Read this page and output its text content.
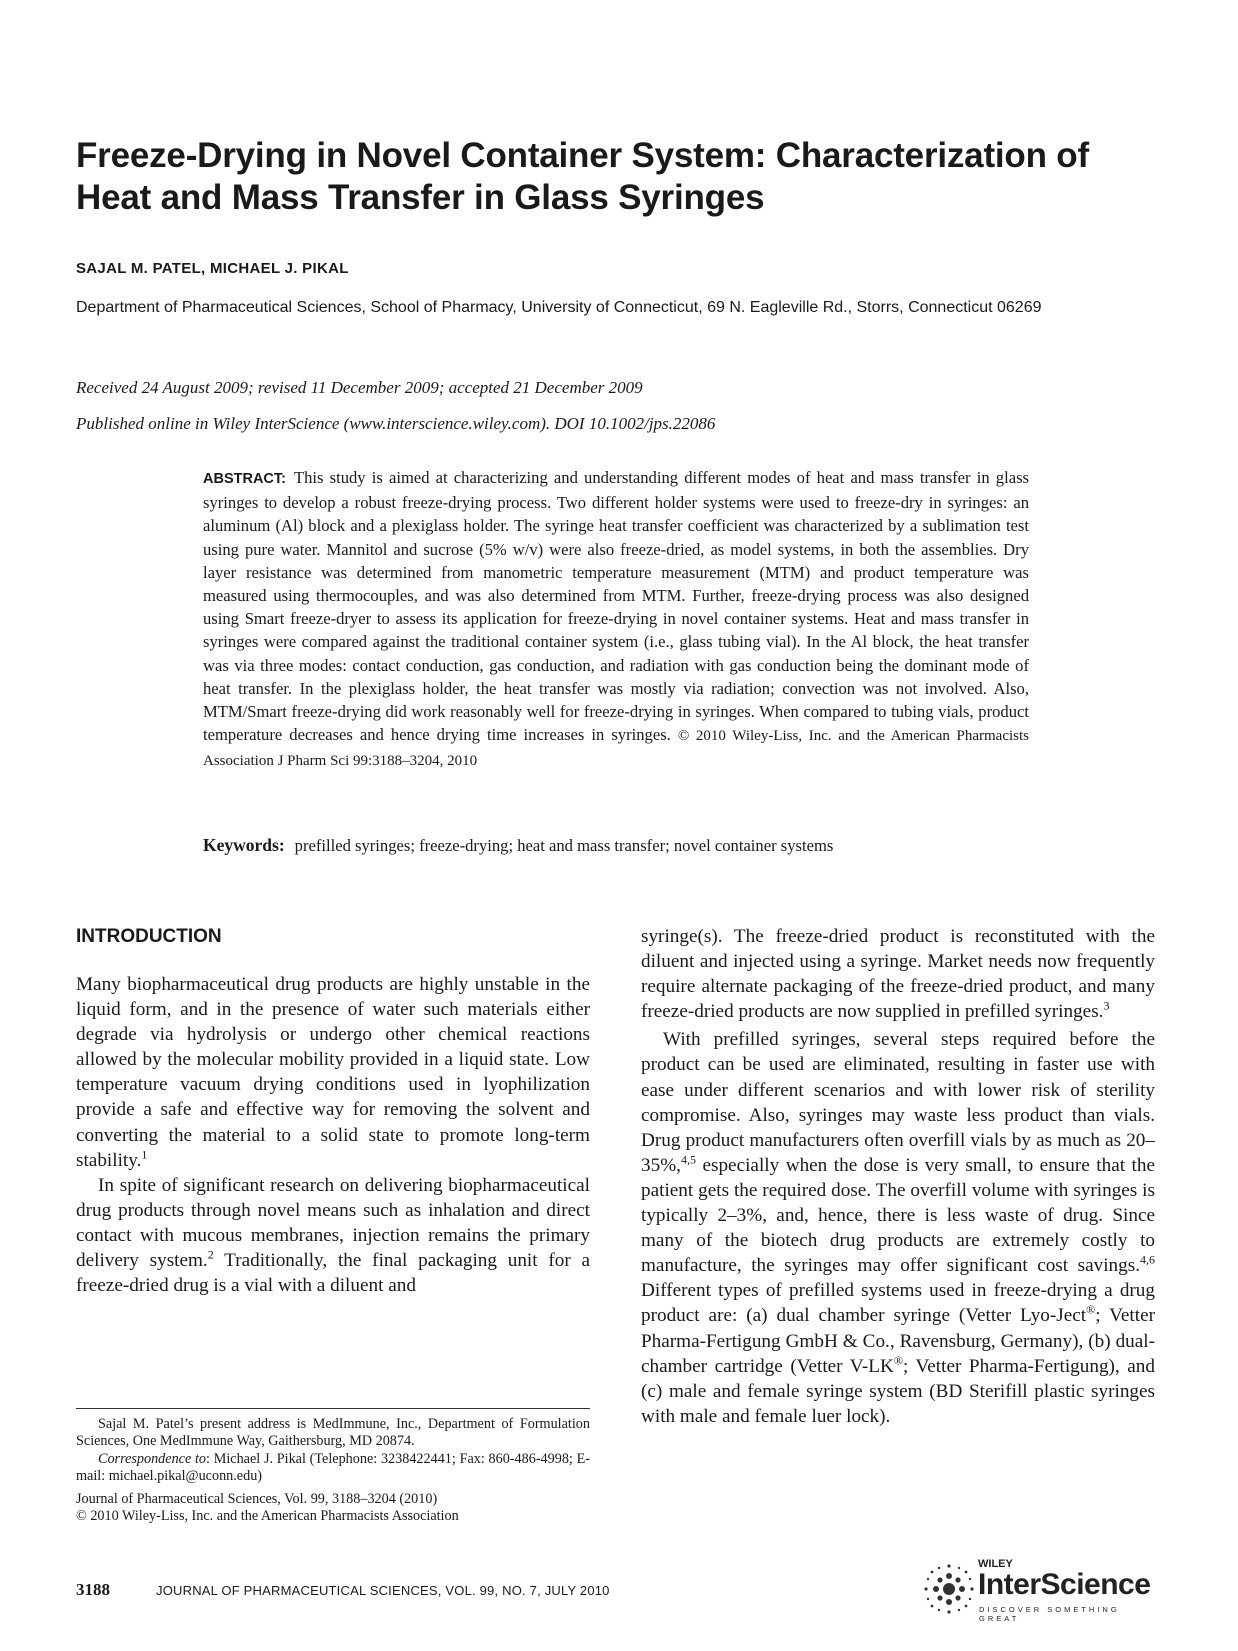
Freeze-Drying in Novel Container System: Characterization of Heat and Mass Transfer in Glass Syringes
SAJAL M. PATEL, MICHAEL J. PIKAL
Department of Pharmaceutical Sciences, School of Pharmacy, University of Connecticut, 69 N. Eagleville Rd., Storrs, Connecticut 06269
Received 24 August 2009; revised 11 December 2009; accepted 21 December 2009
Published online in Wiley InterScience (www.interscience.wiley.com). DOI 10.1002/jps.22086

ABSTRACT: This study is aimed at characterizing and understanding different modes of heat and mass transfer in glass syringes to develop a robust freeze-drying process. Two different holder systems were used to freeze-dry in syringes: an aluminum (Al) block and a plexiglass holder. The syringe heat transfer coefficient was characterized by a sublimation test using pure water. Mannitol and sucrose (5% w/v) were also freeze-dried, as model systems, in both the assemblies. Dry layer resistance was determined from manometric temperature measurement (MTM) and product temperature was measured using thermocouples, and was also determined from MTM. Further, freeze-drying process was also designed using Smart freeze-dryer to assess its application for freeze-drying in novel container systems. Heat and mass transfer in syringes were compared against the traditional container system (i.e., glass tubing vial). In the Al block, the heat transfer was via three modes: contact conduction, gas conduction, and radiation with gas conduction being the dominant mode of heat transfer. In the plexiglass holder, the heat transfer was mostly via radiation; convection was not involved. Also, MTM/Smart freeze-drying did work reasonably well for freeze-drying in syringes. When compared to tubing vials, product temperature decreases and hence drying time increases in syringes. © 2010 Wiley-Liss, Inc. and the American Pharmacists Association J Pharm Sci 99:3188–3204, 2010

Keywords: prefilled syringes; freeze-drying; heat and mass transfer; novel container systems

INTRODUCTION

Many biopharmaceutical drug products are highly unstable in the liquid form, and in the presence of water such materials either degrade via hydrolysis or undergo other chemical reactions allowed by the molecular mobility provided in a liquid state. Low temperature vacuum drying conditions used in lyophilization provide a safe and effective way for removing the solvent and converting the material to a solid state to promote long-term stability.$^1$

In spite of significant research on delivering biopharmaceutical drug products through novel means such as inhalation and direct contact with mucous membranes, injection remains the primary delivery system.$^2$ Traditionally, the final packaging unit for a freeze-dried drug is a vial with a diluent and

syringe(s). The freeze-dried product is reconstituted with the diluent and injected using a syringe. Market needs now frequently require alternate packaging of the freeze-dried product, and many freeze-dried products are now supplied in prefilled syringes.$^3$

With prefilled syringes, several steps required before the product can be used are eliminated, resulting in faster use with ease under different scenarios and with lower risk of sterility compromise. Also, syringes may waste less product than vials. Drug product manufacturers often overfill vials by as much as 20–35%,$^{4,5}$ especially when the dose is very small, to ensure that the patient gets the required dose. The overfill volume with syringes is typically 2–3%, and, hence, there is less waste of drug. Since many of the biotech drug products are extremely costly to manufacture, the syringes may offer significant cost savings.$^{4,6}$ Different types of prefilled systems used in freeze-drying a drug product are: (a) dual chamber syringe (Vetter Lyo-Ject®; Vetter Pharma-Fertigung GmbH & Co., Ravensburg, Germany), (b) dual-chamber cartridge (Vetter V-LK®; Vetter Pharma-Fertigung), and (c) male and female syringe system (BD Sterifill plastic syringes with male and female luer lock).

Sajal M. Patel’s present address is MedImmune, Inc., Department of Formulation Sciences, One MedImmune Way, Gaithersburg, MD 20874.

Correspondence to: Michael J. Pikal (Telephone: 3238422441; Fax: 860-486-4998; E-mail: michael.pikal@uconn.edu)

Journal of Pharmaceutical Sciences, Vol. 99, 3188–3204 (2010)

© 2010 Wiley-Liss, Inc. and the American Pharmacists Association

3188	JOURNAL OF PHARMACEUTICAL SCIENCES, VOL. 99, NO. 7, JULY 2010
WILEY
InterScience
DISCOVER SOMETHING GREAT
